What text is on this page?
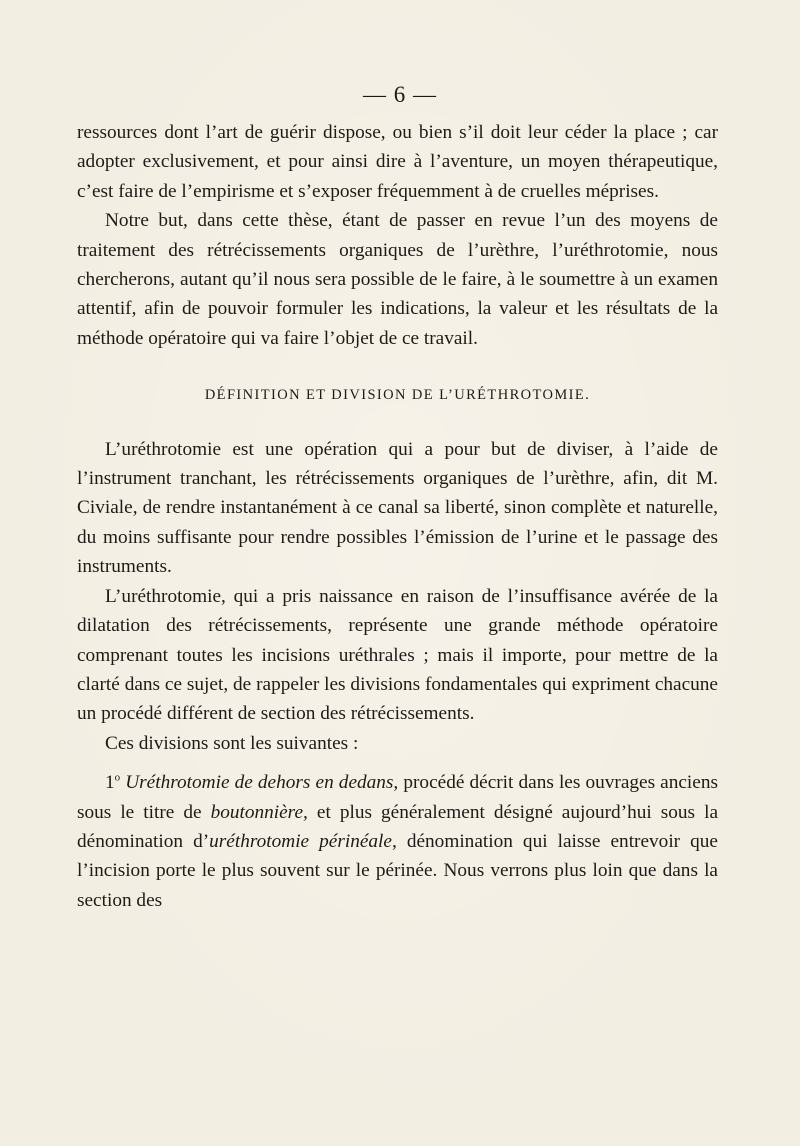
— 6 —

ressources dont l’art de guérir dispose, ou bien s’il doit leur céder la place ; car adopter exclusivement, et pour ainsi dire à l’aventure, un moyen thérapeutique, c’est faire de l’empirisme et s’exposer fréquemment à de cruelles méprises.

Notre but, dans cette thèse, étant de passer en revue l’un des moyens de traitement des rétrécissements organiques de l’urèthre, l’uréthrotomie, nous chercherons, autant qu’il nous sera possible de le faire, à le soumettre à un examen attentif, afin de pouvoir formuler les indications, la valeur et les résultats de la méthode opératoire qui va faire l’objet de ce travail.

DÉFINITION ET DIVISION DE L’URÉTHROTOMIE.

L’uréthrotomie est une opération qui a pour but de diviser, à l’aide de l’instrument tranchant, les rétrécissements organiques de l’urèthre, afin, dit M. Civiale, de rendre instantanément à ce canal sa liberté, sinon complète et naturelle, du moins suffisante pour rendre possibles l’émission de l’urine et le passage des instruments.

L’uréthrotomie, qui a pris naissance en raison de l’insuffisance avérée de la dilatation des rétrécissements, représente une grande méthode opératoire comprenant toutes les incisions uréthrales ; mais il importe, pour mettre de la clarté dans ce sujet, de rappeler les divisions fondamentales qui expriment chacune un procédé différent de section des rétrécissements.

Ces divisions sont les suivantes :

1$^o$ Uréthrotomie de dehors en dedans, procédé décrit dans les ouvrages anciens sous le titre de boutonnière, et plus généralement désigné aujourd’hui sous la dénomination d’uréthrotomie périnéale, dénomination qui laisse entrevoir que l’incision porte le plus souvent sur le périnée. Nous verrons plus loin que dans la section des
